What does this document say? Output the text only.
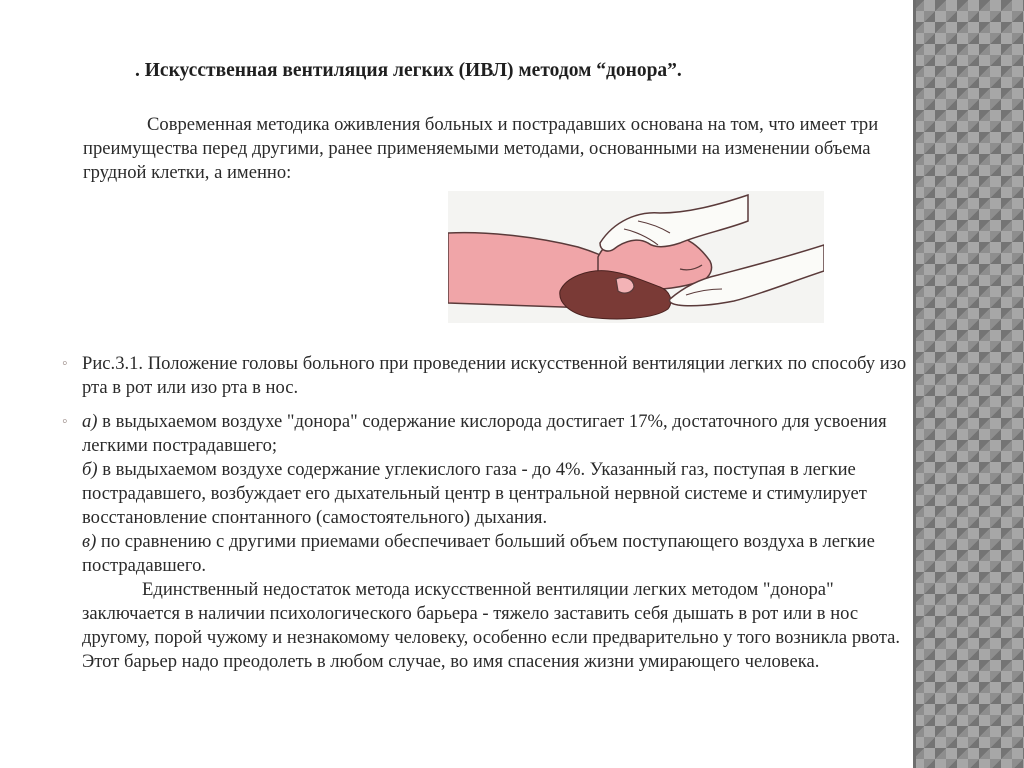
. Искусственная вентиляция легких (ИВЛ) методом “донора”.
Современная методика оживления больных и пострадавших основана на том, что имеет три преимущества перед другими, ранее применяемыми методами, основанными на изменении объема грудной клетки, а именно:
◦ Рис.3.1. Положение головы больного при проведении искусственной вентиляции легких по способу изо рта в рот или изо рта в нос.
◦ а) в выдыхаемом воздухе "донора" содержание кислорода достигает 17%, достаточного для усвоения легкими пострадавшего;
б) в выдыхаемом воздухе содержание углекислого газа - до 4%. Указанный газ, поступая в легкие пострадавшего, возбуждает его дыхательный центр в центральной нервной системе и стимулирует восстановление спонтанного (самостоятельного) дыхания.
в) по сравнению с другими приемами обеспечивает больший объем поступающего воздуха в легкие пострадавшего.
Единственный недостаток метода искусственной вентиляции легких методом "донора" заключается в наличии психологического барьера - тяжело заставить себя дышать в рот или в нос другому, порой чужому и незнакомому человеку, особенно если предварительно у того возникла рвота. Этот барьер надо преодолеть в любом случае, во имя спасения жизни умирающего человека.
